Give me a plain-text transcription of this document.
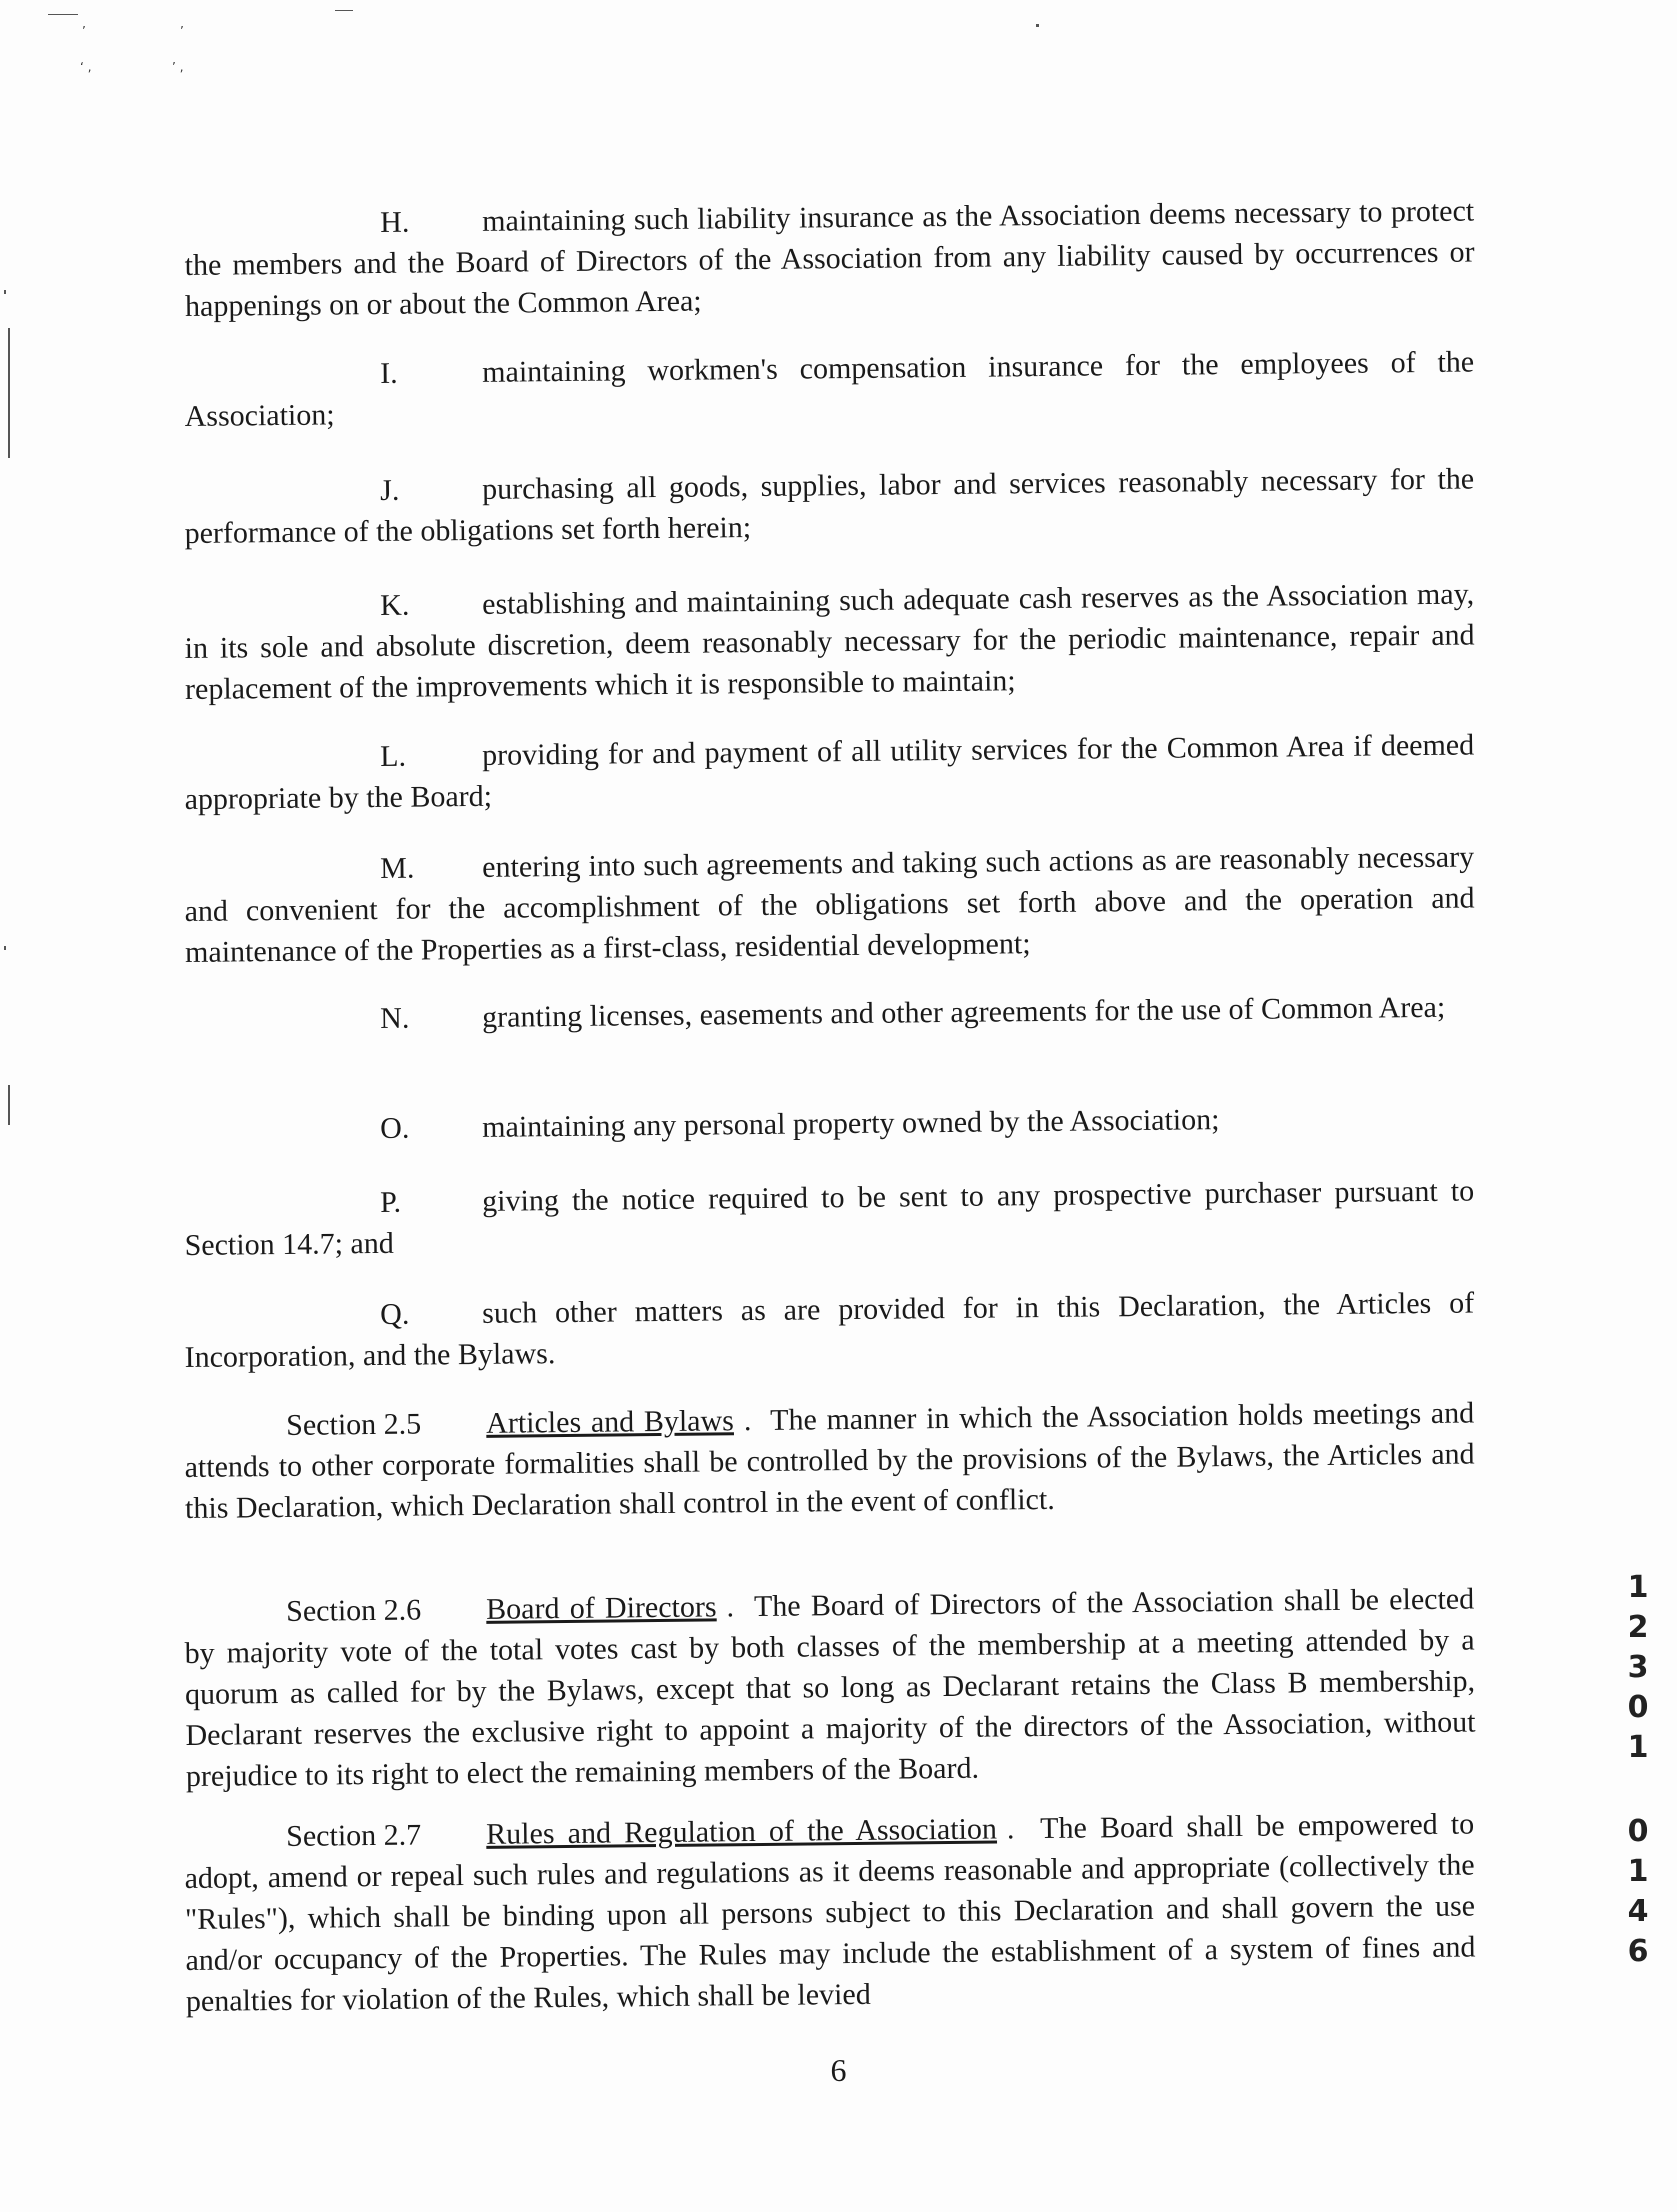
’	’
‘ ‚	’ ‚
H. maintaining such liability insurance as the Association deems necessary to protect the members and the Board of Directors of the Association from any liability caused by occurrences or happenings on or about the Common Area;
I.	maintaining workmen's compensation insurance for the employees of the Association;
J.	purchasing all goods, supplies, labor and services reasonably necessary for the performance of the obligations set forth herein;
K. establishing and maintaining such adequate cash reserves as the Association may, in its sole and absolute discretion, deem reasonably necessary for the periodic maintenance, repair and replacement of the improvements which it is responsible to maintain;
L.	providing for and payment of all utility services for the Common Area if deemed appropriate by the Board;
M. entering into such agreements and taking such actions as are reasonably necessary and convenient for the accomplishment of the obligations set forth above and the operation and maintenance of the Properties as a first-class, residential development;
N. granting licenses, easements and other agreements for the use of Common Area;
O. maintaining any personal property owned by the Association;
P.	giving the notice required to be sent to any prospective purchaser pursuant to Section 14.7; and
Q. such other matters as are provided for in this Declaration, the Articles of Incorporation, and the Bylaws.
Section 2.5 Articles and Bylaws .  The manner in which the Association holds meetings and attends to other corporate formalities shall be controlled by the provisions of the Bylaws, the Articles and this Declaration, which Declaration shall control in the event of conflict.
Section 2.6 Board of Directors .  The Board of Directors of the Association shall be elected by majority vote of the total votes cast by both classes of the membership at a meeting attended by a quorum as called for by the Bylaws, except that so long as Declarant retains the Class B membership, Declarant reserves the exclusive right to appoint a majority of the directors of the Association, without prejudice to its right to elect the remaining members of the Board.
Section 2.7 Rules and Regulation of the Association .  The Board shall be empowered to adopt, amend or repeal such rules and regulations as it deems reasonable and appropriate (collectively the "Rules"), which shall be binding upon all persons subject to this Declaration and shall govern the use and/or occupancy of the Properties. The Rules may include the establishment of a system of fines and penalties for violation of the Rules, which shall be levied
6
1
2
3
0
1
0
1
4
6
